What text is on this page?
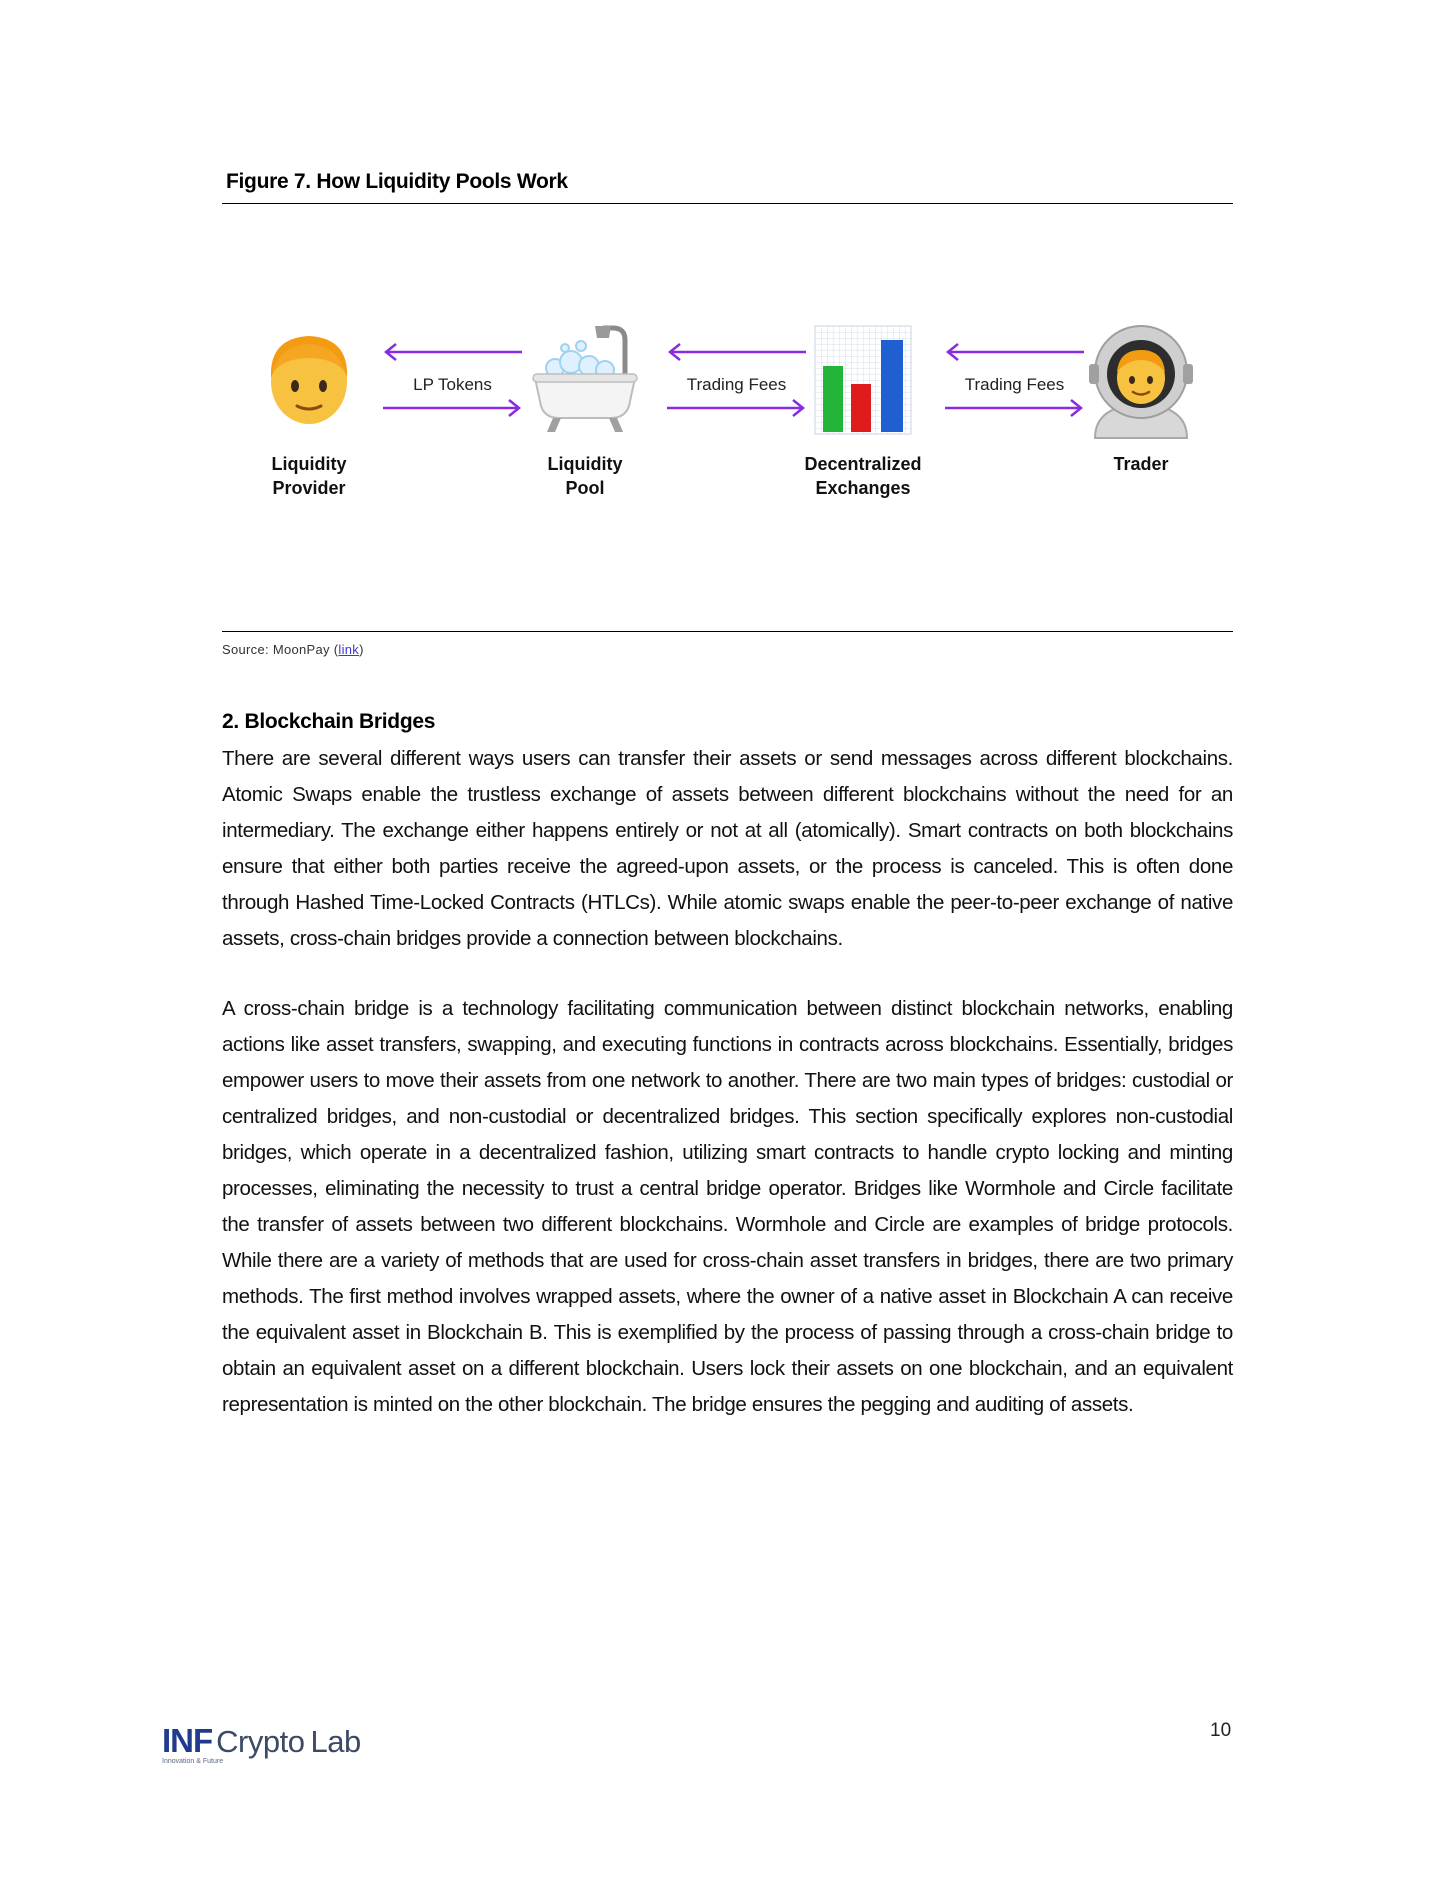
Figure 7. How Liquidity Pools Work
Liquidity
Provider
LP Tokens
Liquidity
Pool
Trading Fees
Decentralized
Exchanges
Trading Fees
Trader
Source: MoonPay (link)
2. Blockchain Bridges
There are several different ways users can transfer their assets or send messages across different blockchains. Atomic Swaps enable the trustless exchange of assets between different blockchains without the need for an intermediary. The exchange either happens entirely or not at all (atomically). Smart contracts on both blockchains ensure that either both parties receive the agreed-upon assets, or the process is canceled. This is often done through Hashed Time-Locked Contracts (HTLCs). While atomic swaps enable the peer-to-peer exchange of native assets, cross-chain bridges provide a connection between blockchains.
A cross-chain bridge is a technology facilitating communication between distinct blockchain networks, enabling actions like asset transfers, swapping, and executing functions in contracts across blockchains. Essentially, bridges empower users to move their assets from one network to another. There are two main types of bridges: custodial or centralized bridges, and non-custodial or decentralized bridges. This section specifically explores non-custodial bridges, which operate in a decentralized fashion, utilizing smart contracts to handle crypto locking and minting processes, eliminating the necessity to trust a central bridge operator. Bridges like Wormhole and Circle facilitate the transfer of assets between two different blockchains. Wormhole and Circle are examples of bridge protocols. While there are a variety of methods that are used for cross-chain asset transfers in bridges, there are two primary methods. The first method involves wrapped assets, where the owner of a native asset in Blockchain A can receive the equivalent asset in Blockchain B. This is exemplified by the process of passing through a cross-chain bridge to obtain an equivalent asset on a different blockchain. Users lock their assets on one blockchain, and an equivalent representation is minted on the other blockchain. The bridge ensures the pegging and auditing of assets.
INF Crypto Lab
Innovation & Future
10
